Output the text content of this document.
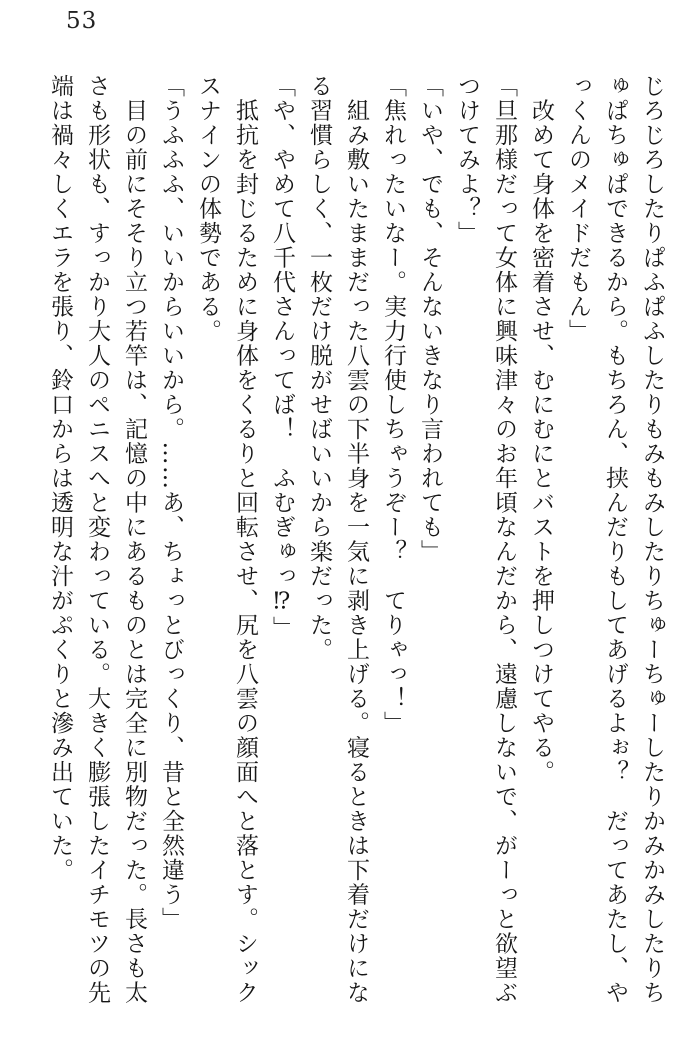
53

じろじろしたりぱふぱふしたりもみもみしたりちゅーちゅーしたりかみかみしたりち

ゅぱちゅぱできるから。もちろん、挟んだりもしてあげるよぉ？　だってあたし、や

っくんのメイドだもん」

　改めて身体を密着させ、むにむにとバストを押しつけてやる。

「旦那様だって女体に興味津々のお年頃なんだから、遠慮しないで、がーっと欲望ぶ

つけてみよ？」

「いや、でも、そんないきなり言われても」

「焦れったいなー。実力行使しちゃうぞー？　てりゃっ！」

　組み敷いたままだった八雲の下半身を一気に剥き上げる。寝るときは下着だけにな

る習慣らしく、一枚だけ脱がせばいいから楽だった。

「や、やめて八千代さんってば！　ふむぎゅっ⁉」

　抵抗を封じるために身体をくるりと回転させ、尻を八雲の顔面へと落とす。シック

スナインの体勢である。

「うふふふ、いいからいいから。……あ、ちょっとびっくり、昔と全然違う」

　目の前にそそり立つ若竿は、記憶の中にあるものとは完全に別物だった。長さも太

さも形状も、すっかり大人のペニスへと変わっている。大きく膨張したイチモツの先

端は禍々しくエラを張り、鈴口からは透明な汁がぷくりと滲み出ていた。
